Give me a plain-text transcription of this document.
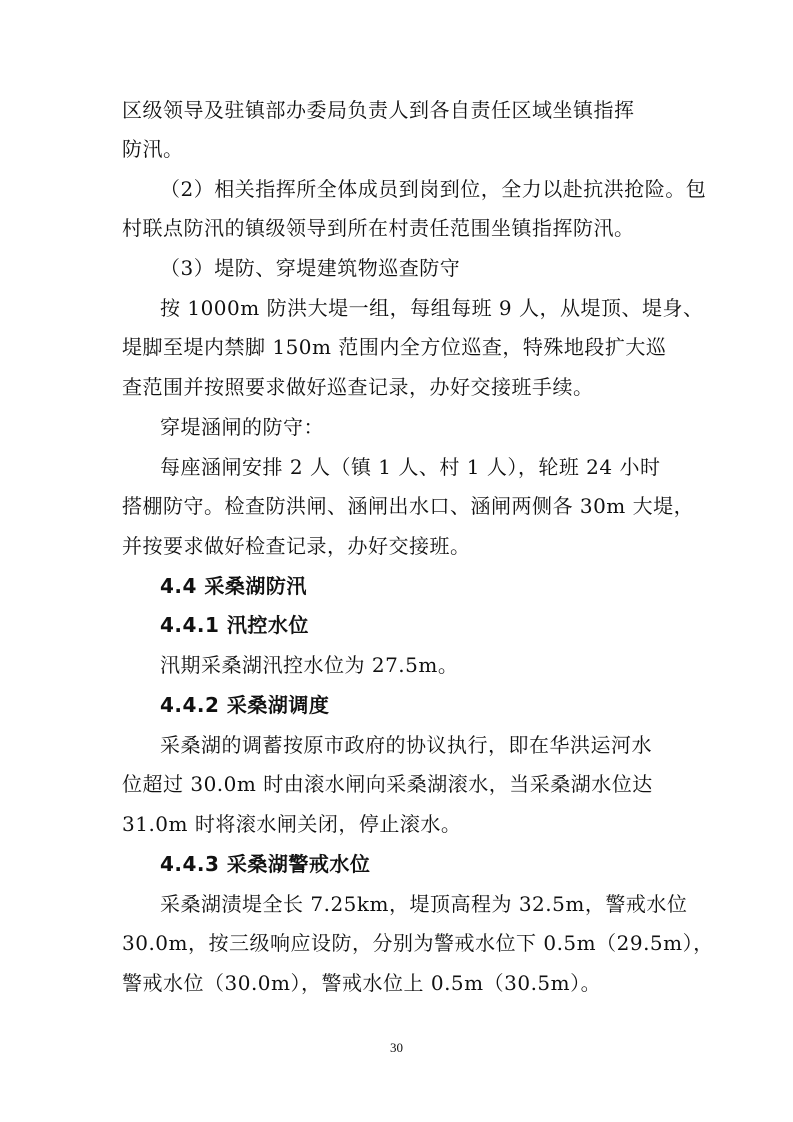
区级领导及驻镇部办委局负责人到各自责任区域坐镇指挥
防汛。
（2）相关指挥所全体成员到岗到位，全力以赴抗洪抢险。包
村联点防汛的镇级领导到所在村责任范围坐镇指挥防汛。
（3）堤防、穿堤建筑物巡查防守
按 1000m 防洪大堤一组，每组每班 9 人，从堤顶、堤身、
堤脚至堤内禁脚 150m 范围内全方位巡查，特殊地段扩大巡
查范围并按照要求做好巡查记录，办好交接班手续。
穿堤涵闸的防守：
每座涵闸安排 2 人（镇 1 人、村 1 人），轮班 24 小时
搭棚防守。检查防洪闸、涵闸出水口、涵闸两侧各 30m 大堤，
并按要求做好检查记录，办好交接班。
4.4 采桑湖防汛
4.4.1 汛控水位
汛期采桑湖汛控水位为 27.5m。
4.4.2 采桑湖调度
采桑湖的调蓄按原市政府的协议执行，即在华洪运河水
位超过 30.0m 时由滚水闸向采桑湖滚水，当采桑湖水位达
31.0m 时将滚水闸关闭，停止滚水。
4.4.3 采桑湖警戒水位
采桑湖渍堤全长 7.25km，堤顶高程为 32.5m，警戒水位
30.0m，按三级响应设防，分别为警戒水位下 0.5m（29.5m），
警戒水位（30.0m），警戒水位上 0.5m（30.5m）。
30
